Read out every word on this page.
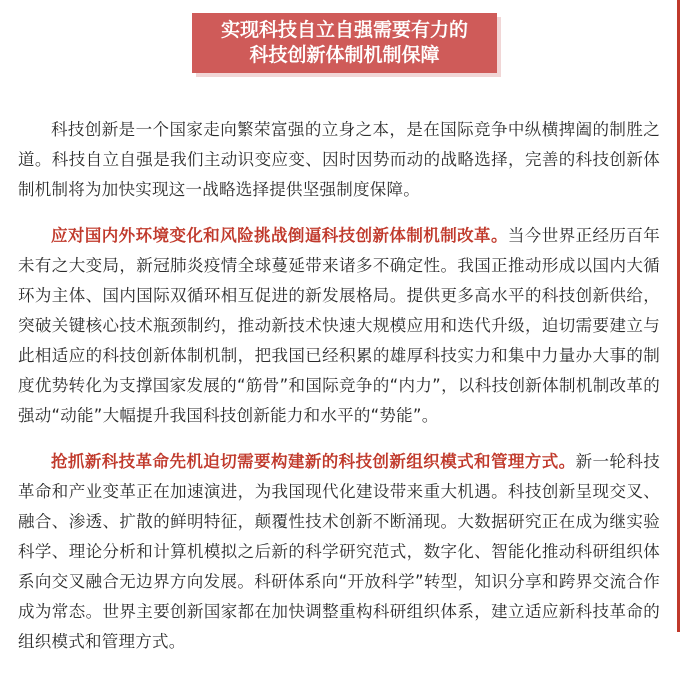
实现科技自立自强需要有力的
科技创新体制机制保障

科技创新是一个国家走向繁荣富强的立身之本，是在国际竞争中纵横捭阖的制胜之道。科技自立自强是我们主动识变应变、因时因势而动的战略选择，完善的科技创新体制机制将为加快实现这一战略选择提供坚强制度保障。

应对国内外环境变化和风险挑战倒逼科技创新体制机制改革。当今世界正经历百年未有之大变局，新冠肺炎疫情全球蔓延带来诸多不确定性。我国正推动形成以国内大循环为主体、国内国际双循环相互促进的新发展格局。提供更多高水平的科技创新供给，突破关键核心技术瓶颈制约，推动新技术快速大规模应用和迭代升级，迫切需要建立与此相适应的科技创新体制机制，把我国已经积累的雄厚科技实力和集中力量办大事的制度优势转化为支撑国家发展的“筋骨”和国际竞争的“内力”，以科技创新体制机制改革的强动“动能”大幅提升我国科技创新能力和水平的“势能”。

抢抓新科技革命先机迫切需要构建新的科技创新组织模式和管理方式。新一轮科技革命和产业变革正在加速演进，为我国现代化建设带来重大机遇。科技创新呈现交叉、融合、渗透、扩散的鲜明特征，颠覆性技术创新不断涌现。大数据研究正在成为继实验科学、理论分析和计算机模拟之后新的科学研究范式，数字化、智能化推动科研组织体系向交叉融合无边界方向发展。科研体系向“开放科学”转型，知识分享和跨界交流合作成为常态。世界主要创新国家都在加快调整重构科研组织体系，建立适应新科技革命的组织模式和管理方式。
